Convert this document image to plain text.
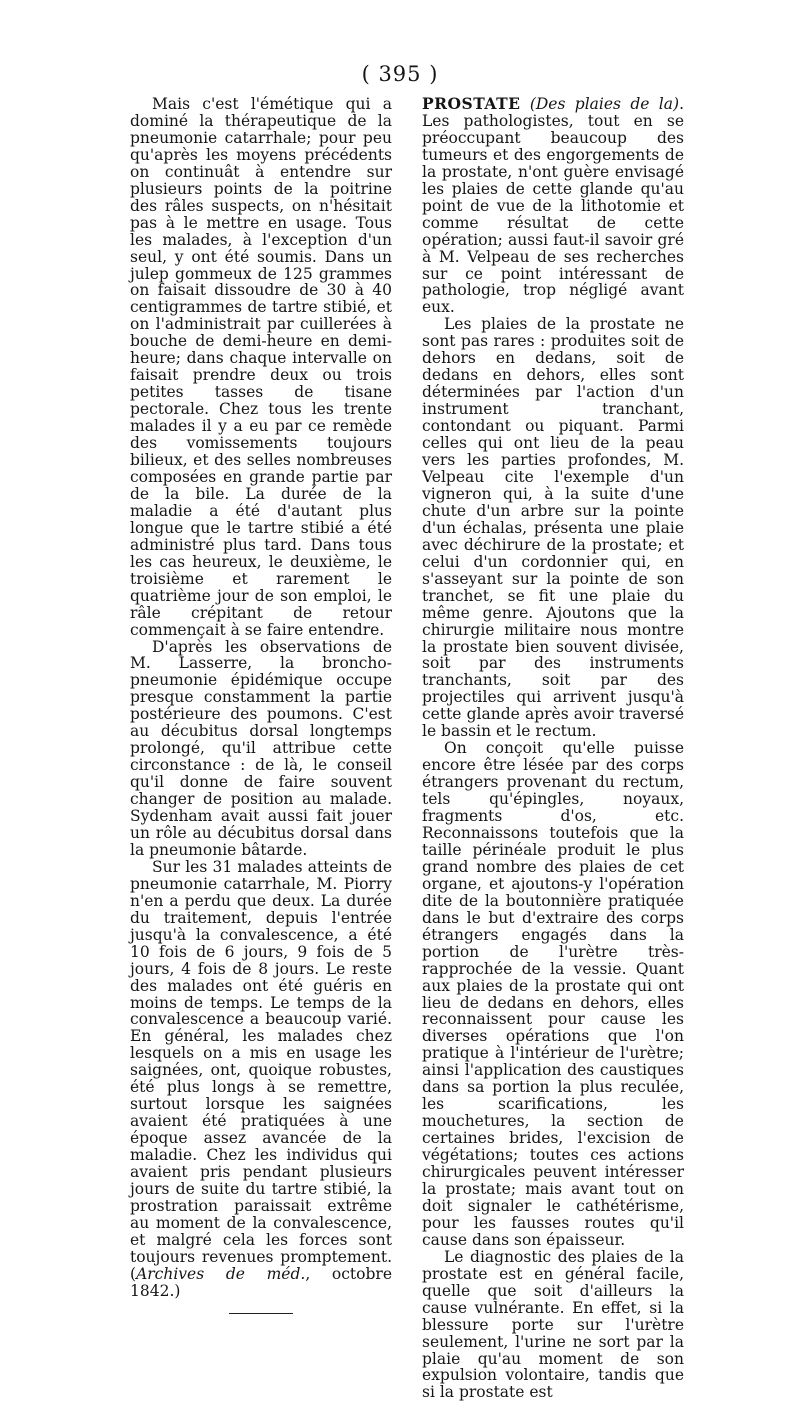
( 395 )

Mais c'est l'émétique qui a dominé la thérapeutique de la pneumonie catarrhale; pour peu qu'après les moyens précédents on continuât à entendre sur plusieurs points de la poitrine des râles suspects, on n'hésitait pas à le mettre en usage. Tous les malades, à l'exception d'un seul, y ont été soumis. Dans un julep gommeux de 125 grammes on faisait dissoudre de 30 à 40 centigrammes de tartre stibié, et on l'administrait par cuillerées à bouche de demi-heure en demi-heure; dans chaque intervalle on faisait prendre deux ou trois petites tasses de tisane pectorale. Chez tous les trente malades il y a eu par ce remède des vomissements toujours bilieux, et des selles nombreuses composées en grande partie par de la bile. La durée de la maladie a été d'autant plus longue que le tartre stibié a été administré plus tard. Dans tous les cas heureux, le deuxième, le troisième et rarement le quatrième jour de son emploi, le râle crépitant de retour commençait à se faire entendre.

D'après les observations de M. Lasserre, la broncho-pneumonie épidémique occupe presque constamment la partie postérieure des poumons. C'est au décubitus dorsal longtemps prolongé, qu'il attribue cette circonstance : de là, le conseil qu'il donne de faire souvent changer de position au malade. Sydenham avait aussi fait jouer un rôle au décubitus dorsal dans la pneumonie bâtarde.

Sur les 31 malades atteints de pneumonie catarrhale, M. Piorry n'en a perdu que deux. La durée du traitement, depuis l'entrée jusqu'à la convalescence, a été 10 fois de 6 jours, 9 fois de 5 jours, 4 fois de 8 jours. Le reste des malades ont été guéris en moins de temps. Le temps de la convalescence a beaucoup varié. En général, les malades chez lesquels on a mis en usage les saignées, ont, quoique robustes, été plus longs à se remettre, surtout lorsque les saignées avaient été pratiquées à une époque assez avancée de la maladie. Chez les individus qui avaient pris pendant plusieurs jours de suite du tartre stibié, la prostration paraissait extrême au moment de la convalescence, et malgré cela les forces sont toujours revenues promptement. (Archives de méd., octobre 1842.)

PROSTATE (Des plaies de la). Les pathologistes, tout en se préoccupant beaucoup des tumeurs et des engorgements de la prostate, n'ont guère envisagé les plaies de cette glande qu'au point de vue de la lithotomie et comme résultat de cette opération; aussi faut-il savoir gré à M. Velpeau de ses recherches sur ce point intéressant de pathologie, trop négligé avant eux.

Les plaies de la prostate ne sont pas rares : produites soit de dehors en dedans, soit de dedans en dehors, elles sont déterminées par l'action d'un instrument tranchant, contondant ou piquant. Parmi celles qui ont lieu de la peau vers les parties profondes, M. Velpeau cite l'exemple d'un vigneron qui, à la suite d'une chute d'un arbre sur la pointe d'un échalas, présenta une plaie avec déchirure de la prostate; et celui d'un cordonnier qui, en s'asseyant sur la pointe de son tranchet, se fit une plaie du même genre. Ajoutons que la chirurgie militaire nous montre la prostate bien souvent divisée, soit par des instruments tranchants, soit par des projectiles qui arrivent jusqu'à cette glande après avoir traversé le bassin et le rectum.

On conçoit qu'elle puisse encore être lésée par des corps étrangers provenant du rectum, tels qu'épingles, noyaux, fragments d'os, etc. Reconnaissons toutefois que la taille périnéale produit le plus grand nombre des plaies de cet organe, et ajoutons-y l'opération dite de la boutonnière pratiquée dans le but d'extraire des corps étrangers engagés dans la portion de l'urètre très-rapprochée de la vessie. Quant aux plaies de la prostate qui ont lieu de dedans en dehors, elles reconnaissent pour cause les diverses opérations que l'on pratique à l'intérieur de l'urètre; ainsi l'application des caustiques dans sa portion la plus reculée, les scarifications, les mouchetures, la section de certaines brides, l'excision de végétations; toutes ces actions chirurgicales peuvent intéresser la prostate; mais avant tout on doit signaler le cathétérisme, pour les fausses routes qu'il cause dans son épaisseur.

Le diagnostic des plaies de la prostate est en général facile, quelle que soit d'ailleurs la cause vulnérante. En effet, si la blessure porte sur l'urètre seulement, l'urine ne sort par la plaie qu'au moment de son expulsion volontaire, tandis que si la prostate est
